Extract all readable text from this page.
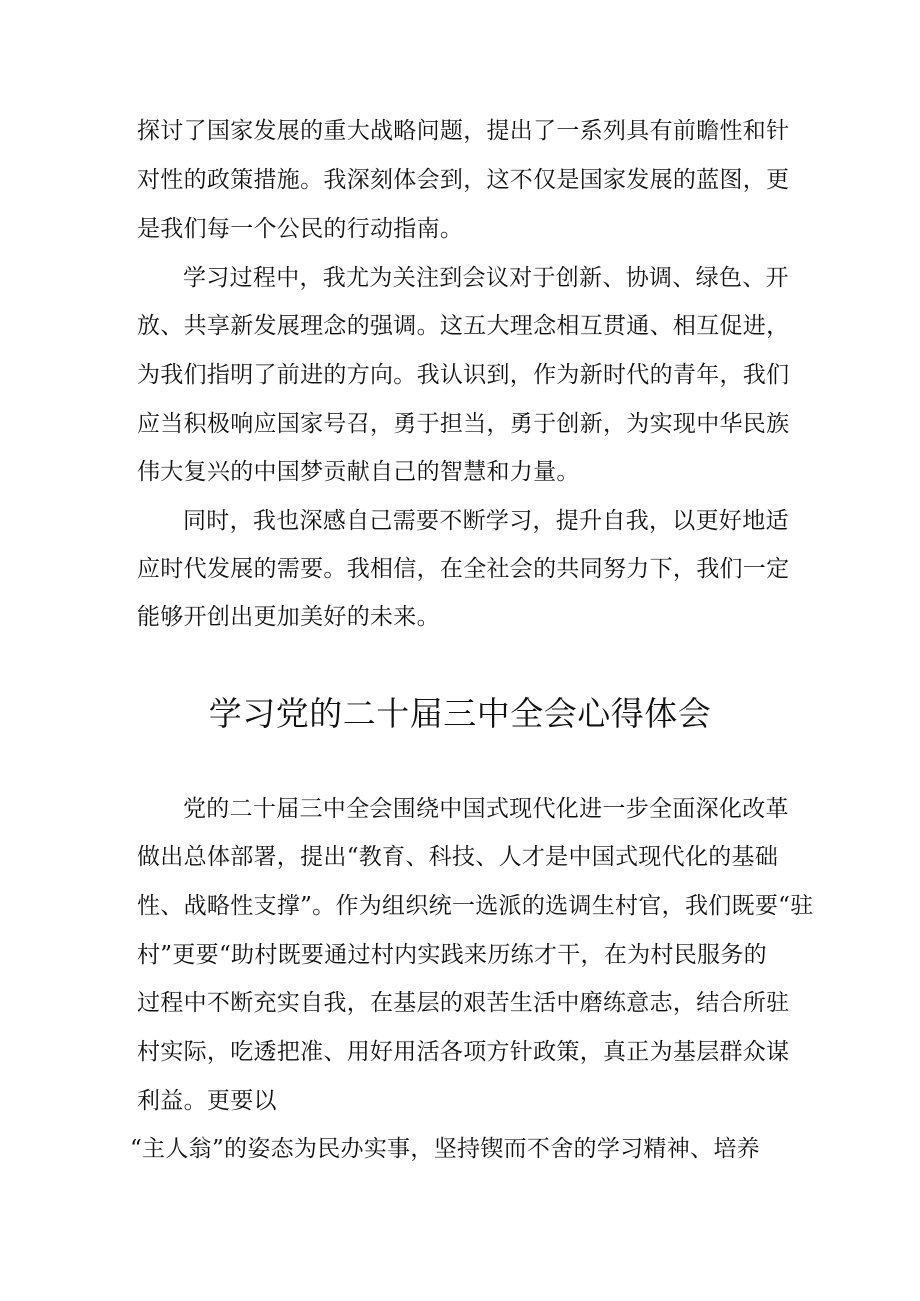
探讨了国家发展的重大战略问题，提出了一系列具有前瞻性和针
对性的政策措施。我深刻体会到，这不仅是国家发展的蓝图，更
是我们每一个公民的行动指南。
学习过程中，我尤为关注到会议对于创新、协调、绿色、开
放、共享新发展理念的强调。这五大理念相互贯通、相互促进，
为我们指明了前进的方向。我认识到，作为新时代的青年，我们
应当积极响应国家号召，勇于担当，勇于创新，为实现中华民族
伟大复兴的中国梦贡献自己的智慧和力量。
同时，我也深感自己需要不断学习，提升自我，以更好地适
应时代发展的需要。我相信，在全社会的共同努力下，我们一定
能够开创出更加美好的未来。
学习党的二十届三中全会心得体会
党的二十届三中全会围绕中国式现代化进一步全面深化改革
做出总体部署，提出“教育、科技、人才是中国式现代化的基础
性、战略性支撑”。作为组织统一选派的选调生村官，我们既要“驻
村”更要“助村既要通过村内实践来历练才干，在为村民服务的
过程中不断充实自我，在基层的艰苦生活中磨练意志，结合所驻
村实际，吃透把准、用好用活各项方针政策，真正为基层群众谋
利益。更要以
“主人翁”的姿态为民办实事，坚持锲而不舍的学习精神、培养
